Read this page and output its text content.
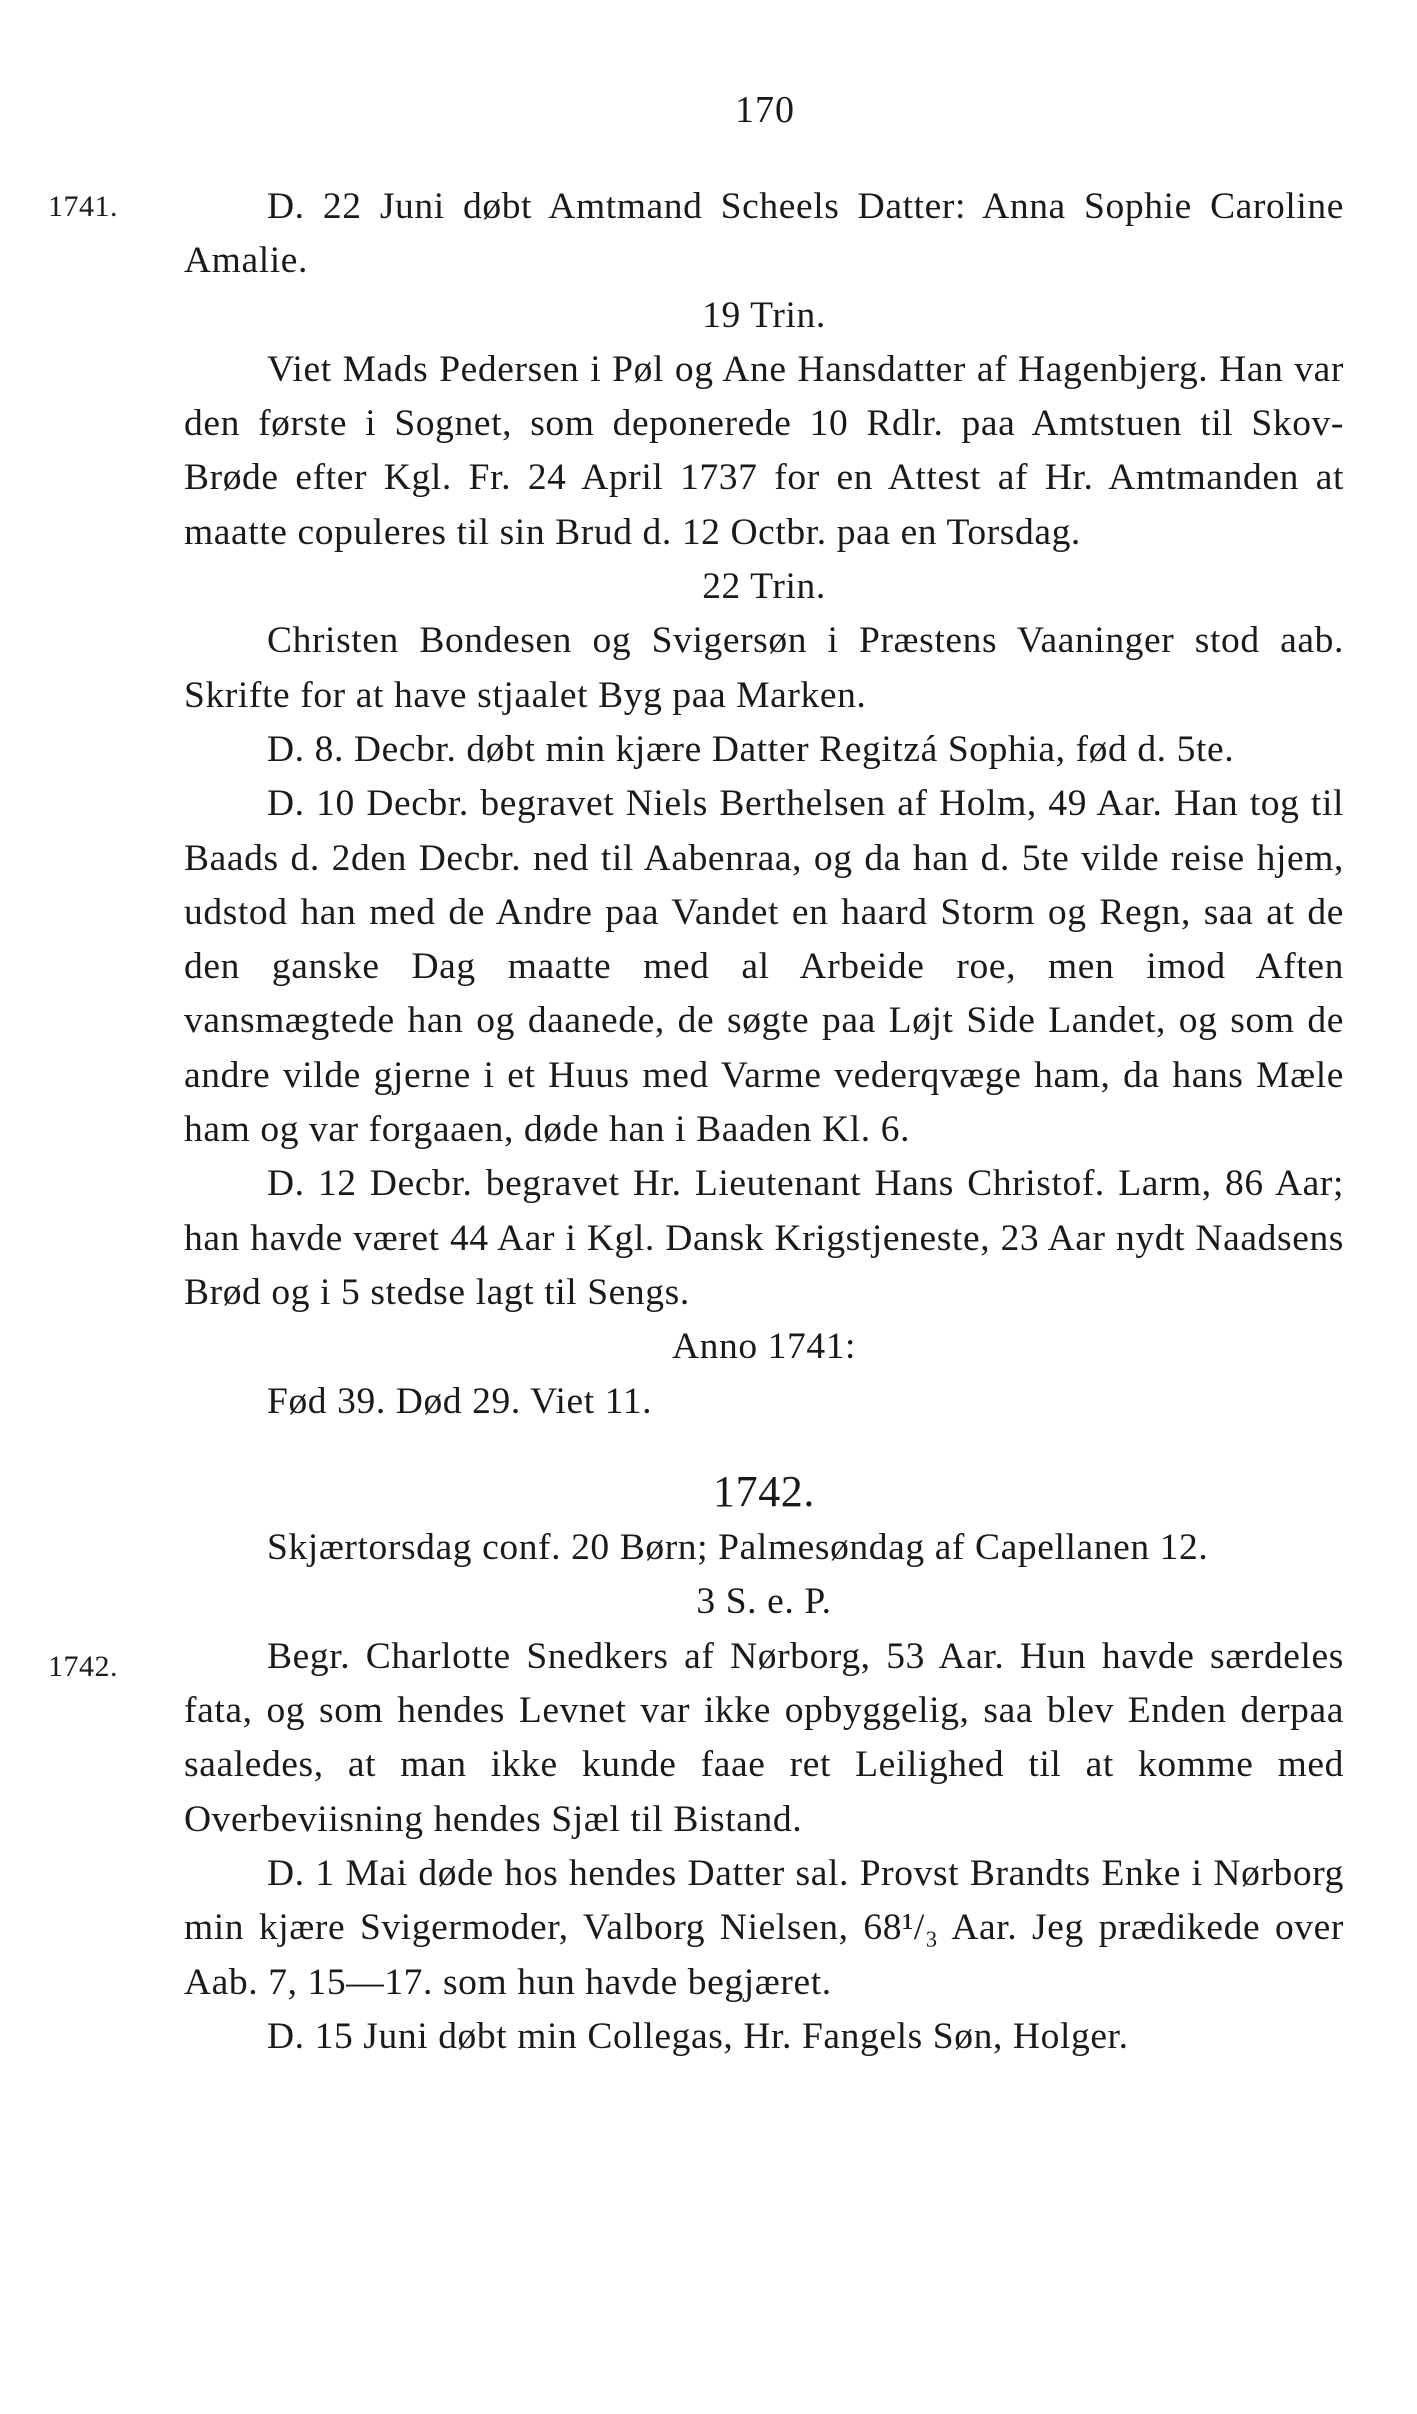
170
1741.
1742.

D. 22 Juni døbt Amtmand Scheels Datter: Anna Sophie Caroline Amalie.

19 Trin.

Viet Mads Pedersen i Pøl og Ane Hansdatter af Hagenbjerg. Han var den første i Sognet, som deponerede 10 Rdlr. paa Amtstuen til Skov-Brøde efter Kgl. Fr. 24 April 1737 for en Attest af Hr. Amtmanden at maatte copuleres til sin Brud d. 12 Octbr. paa en Torsdag.

22 Trin.

Christen Bondesen og Svigersøn i Præstens Vaaninger stod aab. Skrifte for at have stjaalet Byg paa Marken.

D. 8. Decbr. døbt min kjære Datter Regitzá Sophia, fød d. 5te.

D. 10 Decbr. begravet Niels Berthelsen af Holm, 49 Aar. Han tog til Baads d. 2den Decbr. ned til Aabenraa, og da han d. 5te vilde reise hjem, udstod han med de Andre paa Vandet en haard Storm og Regn, saa at de den ganske Dag maatte med al Arbeide roe, men imod Aften vansmægtede han og daanede, de søgte paa Løjt Side Landet, og som de andre vilde gjerne i et Huus med Varme vederqvæge ham, da hans Mæle ham og var forgaaen, døde han i Baaden Kl. 6.

D. 12 Decbr. begravet Hr. Lieutenant Hans Christof. Larm, 86 Aar; han havde været 44 Aar i Kgl. Dansk Krigstjeneste, 23 Aar nydt Naadsens Brød og i 5 stedse lagt til Sengs.

Anno 1741:

Fød 39. Død 29. Viet 11.

1742.

Skjærtorsdag conf. 20 Børn; Palmesøndag af Capellanen 12.

3 S. e. P.

Begr. Charlotte Snedkers af Nørborg, 53 Aar. Hun havde særdeles fata, og som hendes Levnet var ikke opbyggelig, saa blev Enden derpaa saaledes, at man ikke kunde faae ret Leilighed til at komme med Overbeviisning hendes Sjæl til Bistand.

D. 1 Mai døde hos hendes Datter sal. Provst Brandts Enke i Nørborg min kjære Svigermoder, Valborg Nielsen, 68¹/₃ Aar. Jeg prædikede over Aab. 7, 15—17. som hun havde begjæret.

D. 15 Juni døbt min Collegas, Hr. Fangels Søn, Holger.
